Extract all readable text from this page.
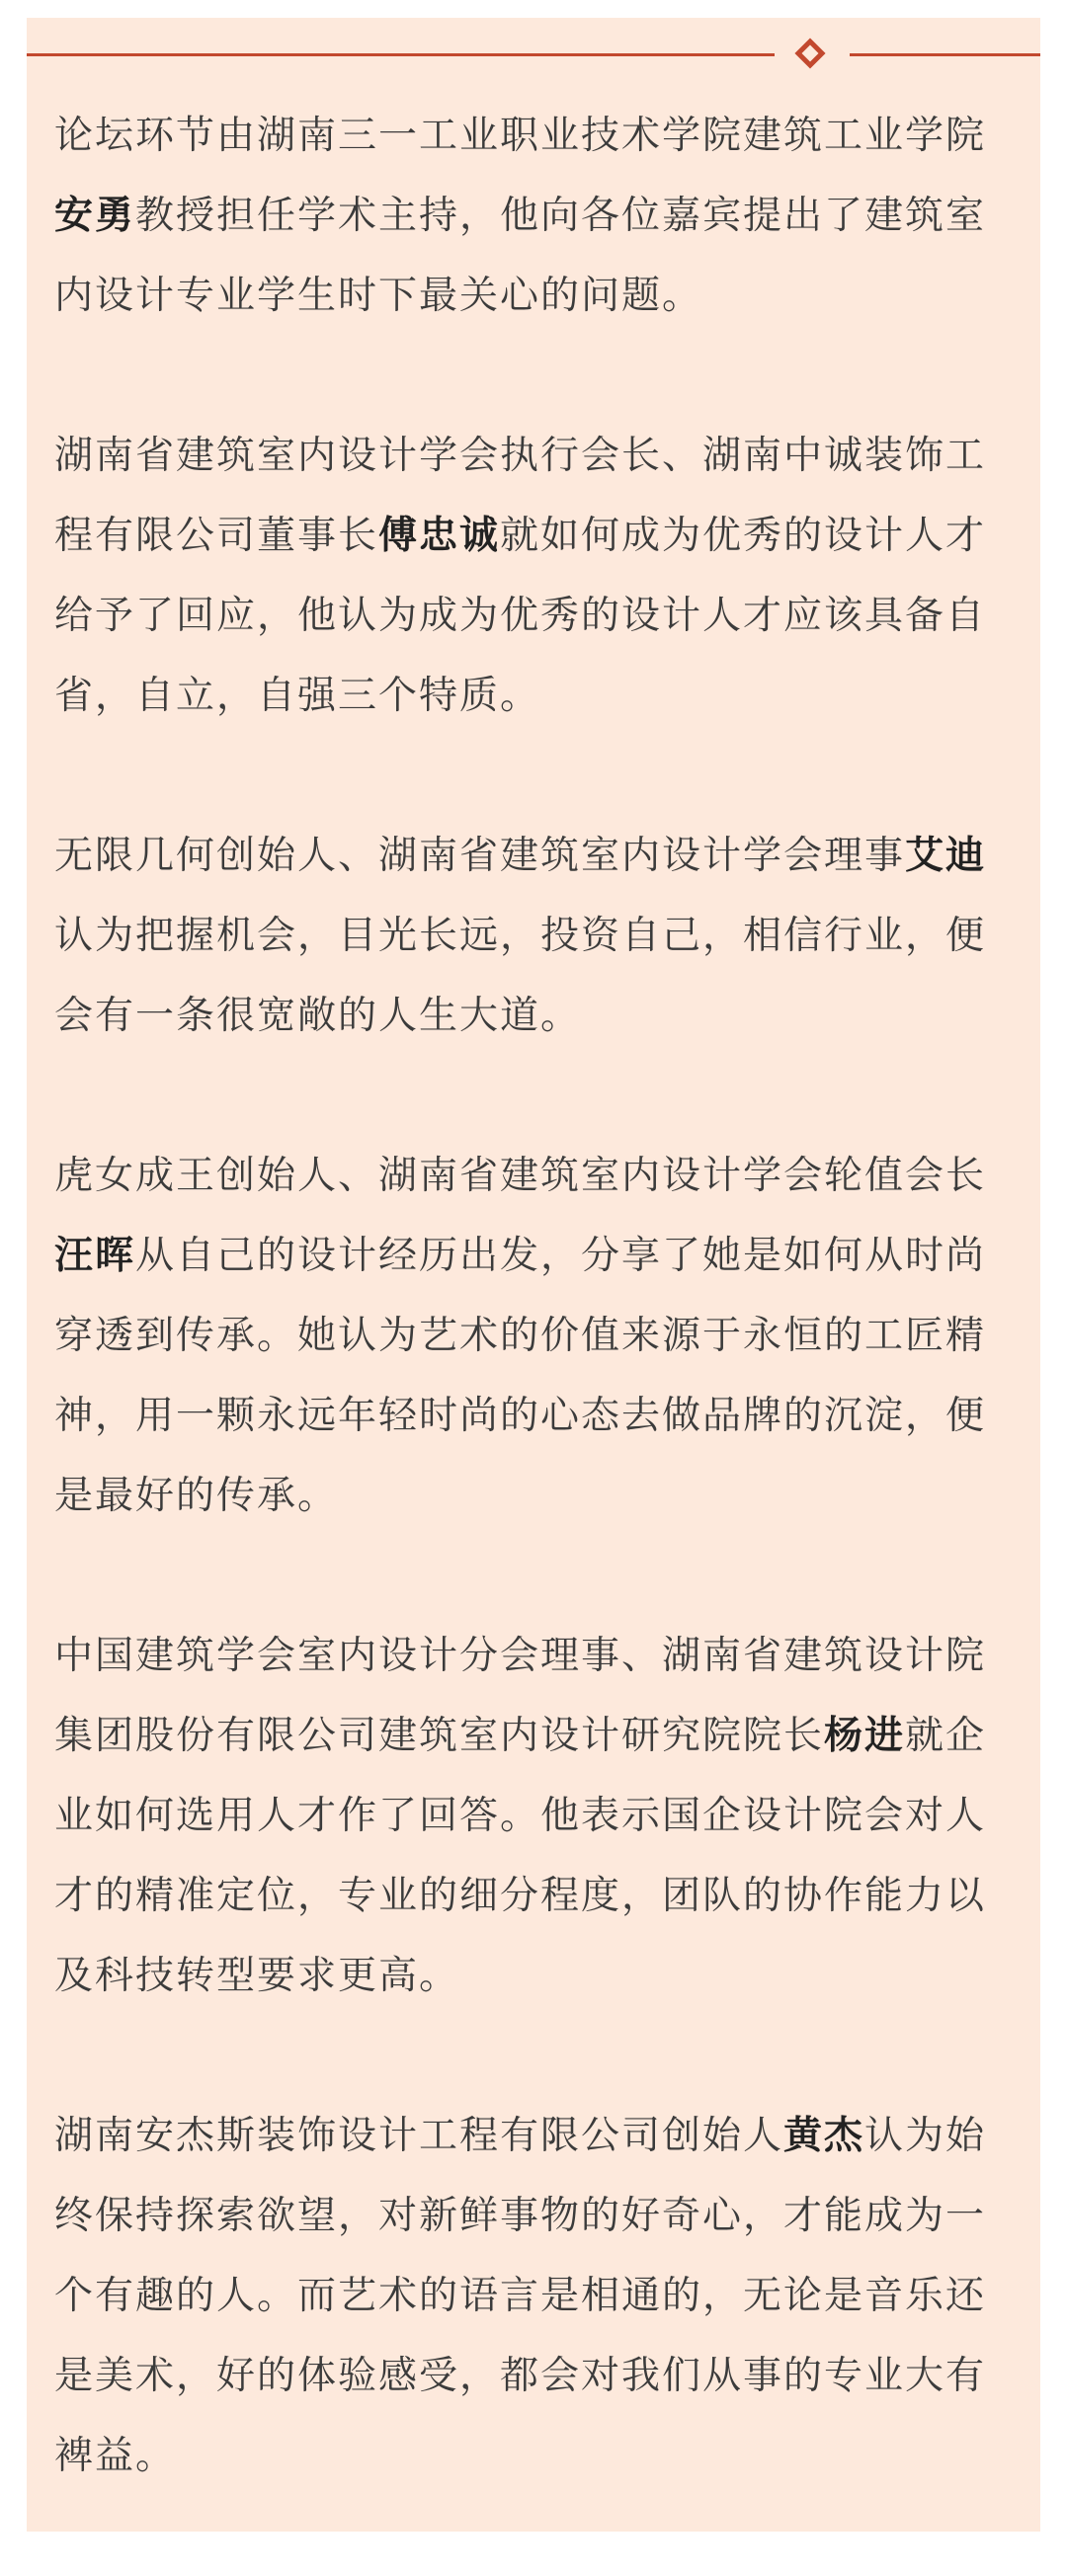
论坛环节由湖南三一工业职业技术学院建筑工业学院安勇教授担任学术主持，他向各位嘉宾提出了建筑室内设计专业学生时下最关心的问题。

湖南省建筑室内设计学会执行会长、湖南中诚装饰工程有限公司董事长傅忠诚就如何成为优秀的设计人才给予了回应，他认为成为优秀的设计人才应该具备自省，自立，自强三个特质。

无限几何创始人、湖南省建筑室内设计学会理事艾迪认为把握机会，目光长远，投资自己，相信行业，便会有一条很宽敞的人生大道。

虎女成王创始人、湖南省建筑室内设计学会轮值会长汪晖从自己的设计经历出发，分享了她是如何从时尚穿透到传承。她认为艺术的价值来源于永恒的工匠精神，用一颗永远年轻时尚的心态去做品牌的沉淀，便是最好的传承。

中国建筑学会室内设计分会理事、湖南省建筑设计院集团股份有限公司建筑室内设计研究院院长杨进就企业如何选用人才作了回答。他表示国企设计院会对人才的精准定位，专业的细分程度，团队的协作能力以及科技转型要求更高。

湖南安杰斯装饰设计工程有限公司创始人黄杰认为始终保持探索欲望，对新鲜事物的好奇心，才能成为一个有趣的人。而艺术的语言是相通的，无论是音乐还是美术，好的体验感受，都会对我们从事的专业大有裨益。
